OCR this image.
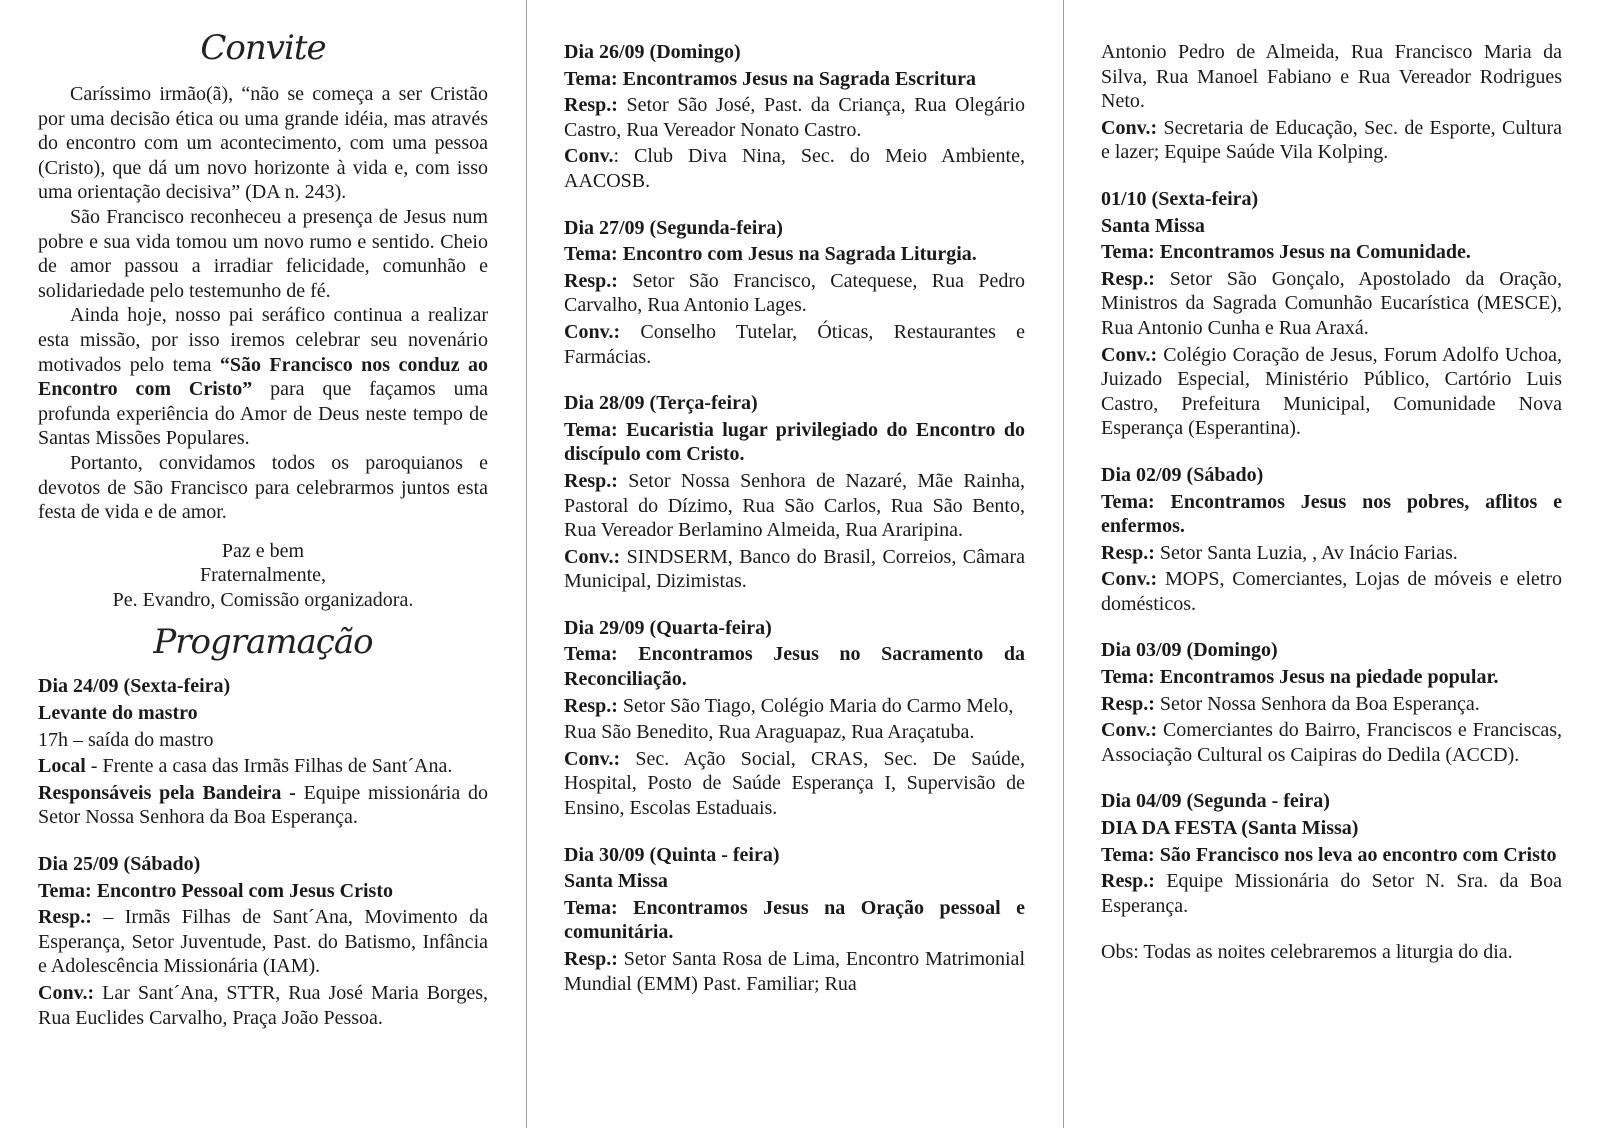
Convite

Caríssimo irmão(ã), “não se começa a ser Cristão por uma decisão ética ou uma grande idéia, mas através do encontro com um acontecimento, com uma pessoa (Cristo), que dá um novo horizonte à vida e, com isso uma orientação decisiva” (DA n. 243).

São Francisco reconheceu a presença de Jesus num pobre e sua vida tomou um novo rumo e sentido. Cheio de amor passou a irradiar felicidade, comunhão e solidariedade pelo testemunho de fé.

Ainda hoje, nosso pai seráfico continua a realizar esta missão, por isso iremos celebrar seu novenário motivados pelo tema “São Francisco nos conduz ao Encontro com Cristo” para que façamos uma profunda experiência do Amor de Deus neste tempo de Santas Missões Populares.

Portanto, convidamos todos os paroquianos e devotos de São Francisco para celebrarmos juntos esta festa de vida e de amor.

Paz e bem

Fraternalmente,

Pe. Evandro, Comissão organizadora.

Programação

Dia 24/09 (Sexta-feira)

Levante do mastro

17h – saída do mastro

Local - Frente a casa das Irmãs Filhas de Sant´Ana.

Responsáveis pela Bandeira - Equipe missionária do Setor Nossa Senhora da Boa Esperança.

Dia 25/09 (Sábado)

Tema: Encontro Pessoal com Jesus Cristo

Resp.: – Irmãs Filhas de Sant´Ana, Movimento da Esperança, Setor Juventude, Past. do Batismo, Infância e Adolescência Missionária (IAM).

Conv.: Lar Sant´Ana, STTR, Rua José Maria Borges, Rua Euclides Carvalho, Praça João Pessoa.

Dia 26/09 (Domingo)

Tema: Encontramos Jesus na Sagrada Escritura

Resp.: Setor São José, Past. da Criança, Rua Olegário Castro, Rua Vereador Nonato Castro.

Conv.: Club Diva Nina, Sec. do Meio Ambiente, AACOSB.

Dia 27/09 (Segunda-feira)

Tema: Encontro com Jesus na Sagrada Liturgia.

Resp.: Setor São Francisco, Catequese, Rua Pedro Carvalho, Rua Antonio Lages.

Conv.: Conselho Tutelar, Óticas, Restaurantes e Farmácias.

Dia 28/09 (Terça-feira)

Tema: Eucaristia lugar privilegiado do Encontro do discípulo com Cristo.

Resp.: Setor Nossa Senhora de Nazaré, Mãe Rainha, Pastoral do Dízimo, Rua São Carlos, Rua São Bento, Rua Vereador Berlamino Almeida, Rua Araripina.

Conv.: SINDSERM, Banco do Brasil, Correios, Câmara Municipal, Dizimistas.

Dia 29/09 (Quarta-feira)

Tema: Encontramos Jesus no Sacramento da Reconciliação.

Resp.: Setor São Tiago, Colégio Maria do Carmo Melo,

Rua São Benedito, Rua Araguapaz, Rua Araçatuba.

Conv.: Sec. Ação Social, CRAS, Sec. De Saúde, Hospital, Posto de Saúde Esperança I, Supervisão de Ensino, Escolas Estaduais.

Dia 30/09 (Quinta - feira)

Santa Missa

Tema: Encontramos Jesus na Oração pessoal e comunitária.

Resp.: Setor Santa Rosa de Lima, Encontro Matrimonial Mundial (EMM) Past. Familiar; Rua

Antonio Pedro de Almeida, Rua Francisco Maria da Silva, Rua Manoel Fabiano e Rua Vereador Rodrigues Neto.

Conv.: Secretaria de Educação, Sec. de Esporte, Cultura e lazer; Equipe Saúde Vila Kolping.

01/10 (Sexta-feira)

Santa Missa

Tema: Encontramos Jesus na Comunidade.

Resp.: Setor São Gonçalo, Apostolado da Oração, Ministros da Sagrada Comunhão Eucarística (MESCE), Rua Antonio Cunha e Rua Araxá.

Conv.: Colégio Coração de Jesus, Forum Adolfo Uchoa, Juizado Especial, Ministério Público, Cartório Luis Castro, Prefeitura Municipal, Comunidade Nova Esperança (Esperantina).

Dia 02/09 (Sábado)

Tema: Encontramos Jesus nos pobres, aflitos e enfermos.

Resp.: Setor Santa Luzia, , Av Inácio Farias.

Conv.: MOPS, Comerciantes, Lojas de móveis e eletro domésticos.

Dia 03/09 (Domingo)

Tema: Encontramos Jesus na piedade popular.

Resp.: Setor Nossa Senhora da Boa Esperança.

Conv.: Comerciantes do Bairro, Franciscos e Franciscas, Associação Cultural os Caipiras do Dedila (ACCD).

Dia 04/09 (Segunda - feira)

DIA DA FESTA (Santa Missa)

Tema: São Francisco nos leva ao encontro com Cristo

Resp.: Equipe Missionária do Setor N. Sra. da Boa Esperança.

Obs: Todas as noites celebraremos a liturgia do dia.
